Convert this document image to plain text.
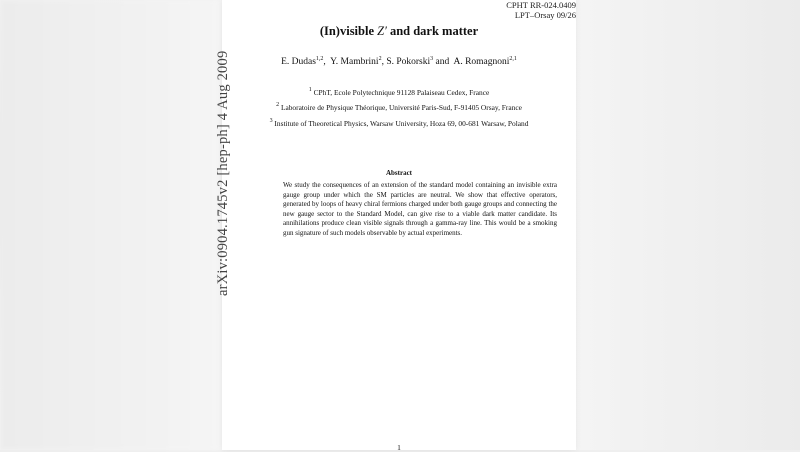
CPHT RR-024.0409
LPT–Orsay 09/26
arXiv:0904.1745v2 [hep-ph] 4 Aug 2009
(In)visible Z′ and dark matter
E. Dudas$^{1,2}$, Y. Mambrini$^2$, S. Pokorski$^3$ and A. Romagnoni$^{2,1}$
$^1$ CPhT, Ecole Polytechnique 91128 Palaiseau Cedex, France
$^2$ Laboratoire de Physique Théorique, Université Paris-Sud, F-91405 Orsay, France
$^3$ Institute of Theoretical Physics, Warsaw University, Hoza 69, 00-681 Warsaw, Poland
Abstract
We study the consequences of an extension of the standard model containing an invisible extra gauge group under which the SM particles are neutral. We show that effective operators, generated by loops of heavy chiral fermions charged under both gauge groups and connecting the new gauge sector to the Standard Model, can give rise to a viable dark matter candidate. Its annihilations produce clean visible signals through a gamma-ray line. This would be a smoking gun signature of such models observable by actual experiments.
1
